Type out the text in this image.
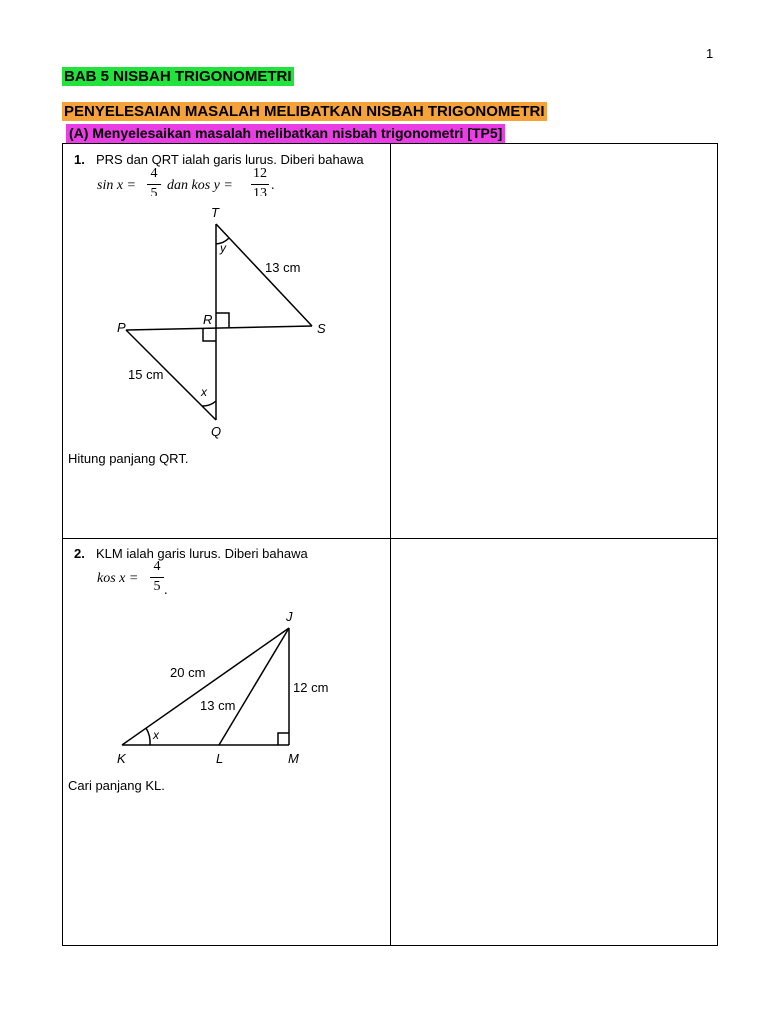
1
BAB 5 NISBAH TRIGONOMETRI
PENYELESAIAN MASALAH MELIBATKAN NISBAH TRIGONOMETRI
(A) Menyelesaikan masalah melibatkan nisbah trigonometri [TP5]
1. PRS dan QRT ialah garis lurus. Diberi bahawa
sin x =
4
5
dan kos y =
12
13
.
T
y
13 cm
P
R
S
15 cm
x
Q
Hitung panjang QRT.
2. KLM ialah garis lurus. Diberi bahawa
kos x =
4
5 .
J
20 cm
12 cm
13 cm
x
K	L	M
Cari panjang KL.
